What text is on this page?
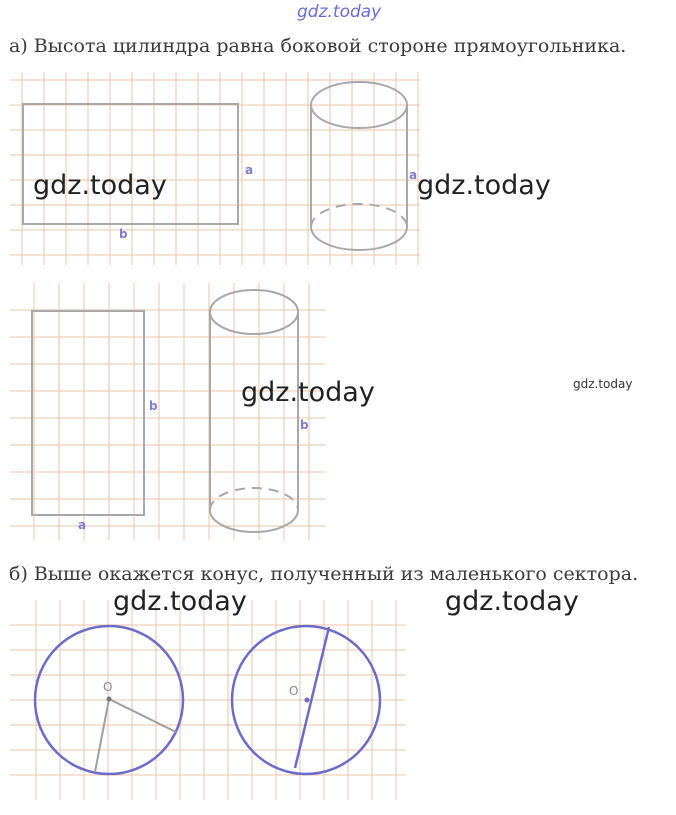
gdz.today
а) Высота цилиндра равна боковой стороне прямоугольника.
a
b
a
b
a
b
gdz.today	gdz.today
gdz.today	gdz.today
gdz.today	gdz.today
б) Выше окажется конус, полученный из маленького сектора.
O	O
